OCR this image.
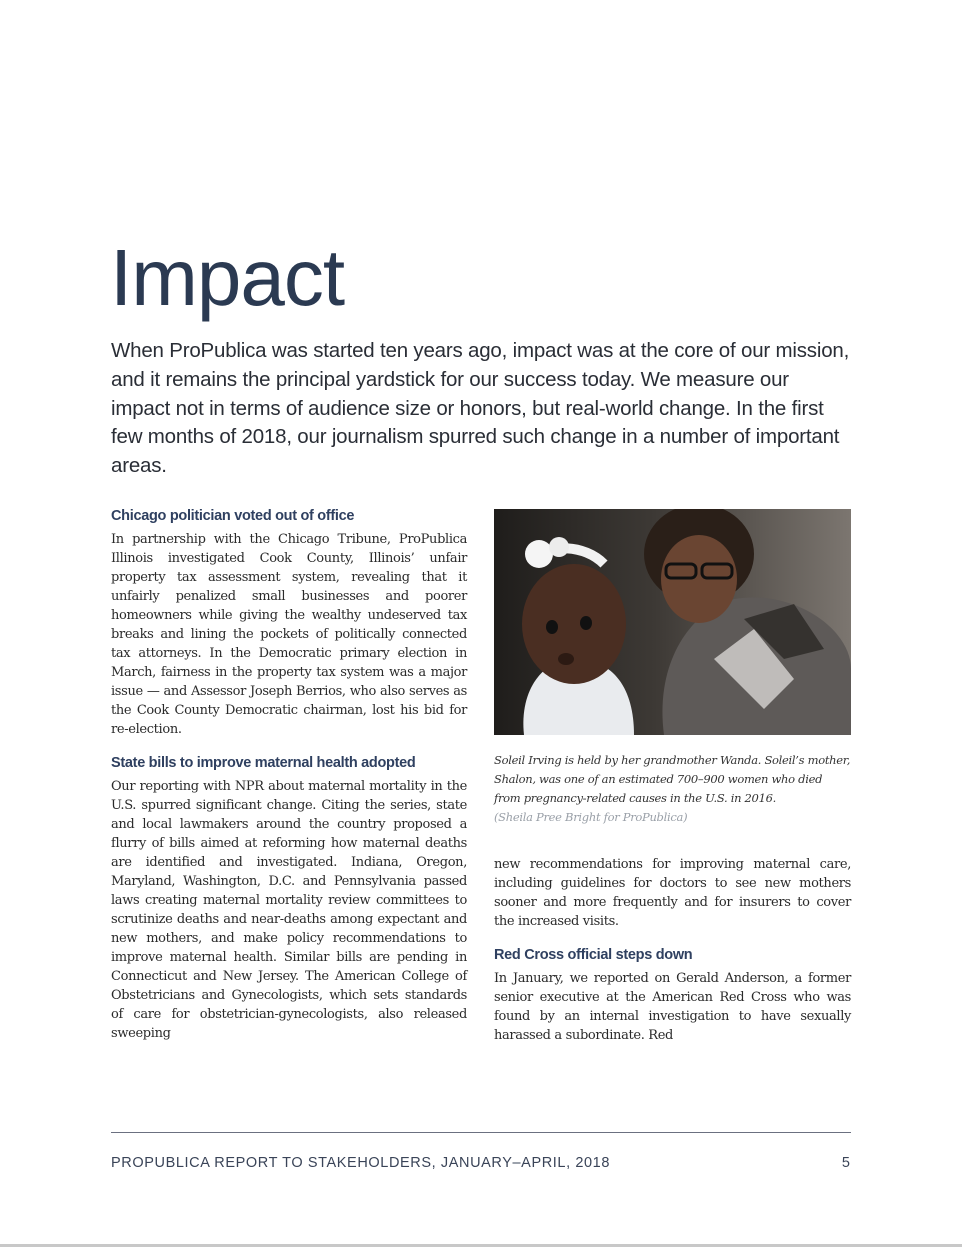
Impact
When ProPublica was started ten years ago, impact was at the core of our mission, and it remains the principal yardstick for our success today. We measure our impact not in terms of audience size or honors, but real-world change. In the first few months of 2018, our journalism spurred such change in a number of important areas.
Chicago politician voted out of office

In partnership with the Chicago Tribune, ProPublica Illinois investigated Cook County, Illinois’ unfair property tax assessment system, revealing that it unfairly penalized small businesses and poorer homeowners while giving the wealthy undeserved tax breaks and lining the pockets of politically connected tax attorneys. In the Democratic primary election in March, fairness in the property tax system was a major issue — and Assessor Joseph Berrios, who also serves as the Cook County Democratic chairman, lost his bid for re-election.

State bills to improve maternal health adopted

Our reporting with NPR about maternal mortality in the U.S. spurred significant change. Citing the series, state and local lawmakers around the country proposed a flurry of bills aimed at reforming how maternal deaths are identified and investigated. Indiana, Oregon, Maryland, Washington, D.C. and Pennsylvania passed laws creating maternal mortality review committees to scrutinize deaths and near-deaths among expectant and new mothers, and make policy recommendations to improve maternal health. Similar bills are pending in Connecticut and New Jersey. The American College of Obstetricians and Gynecologists, which sets standards of care for obstetrician-gynecologists, also released sweeping

Soleil Irving is held by her grandmother Wanda. Soleil’s mother, Shalon, was one of an estimated 700–900 women who died from pregnancy-related causes in the U.S. in 2016.
(Sheila Pree Bright for ProPublica)

new recommendations for improving maternal care, including guidelines for doctors to see new mothers sooner and more frequently and for insurers to cover the increased visits.

Red Cross official steps down

In January, we reported on Gerald Anderson, a former senior executive at the American Red Cross who was found by an internal investigation to have sexually harassed a subordinate. Red

PROPUBLICA REPORT TO STAKEHOLDERS, JANUARY–APRIL, 2018	5
